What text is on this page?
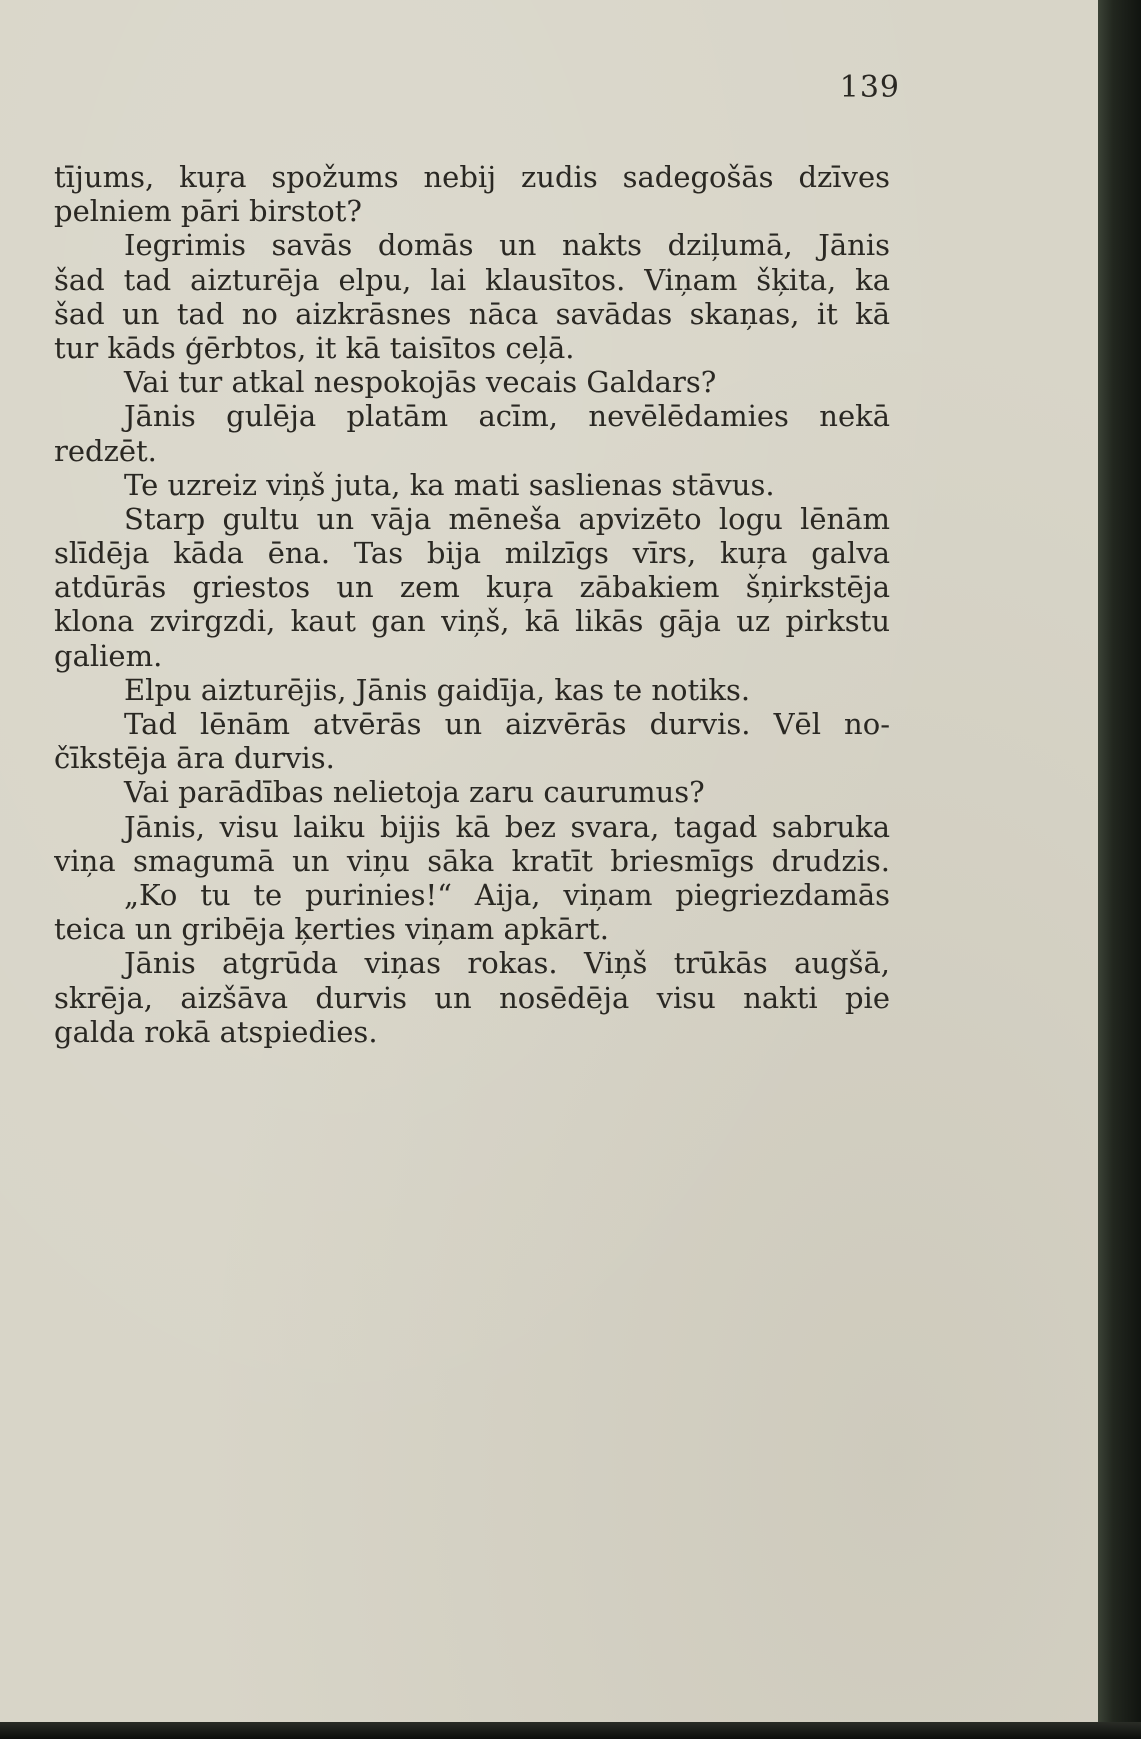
139
tījums, kuŗa spožums nebij zudis sadegošās dzīves
pelniem pāri birstot?
Iegrimis savās domās un nakts dziļumā, Jānis
šad tad aizturēja elpu, lai klausītos. Viņam šķita, ka
šad un tad no aizkrāsnes nāca savādas skaņas, it kā
tur kāds ģērbtos, it kā taisītos ceļā.
Vai tur atkal nespokojās vecais Galdars?
Jānis gulēja platām acīm, nevēlēdamies nekā
redzēt.
Te uzreiz viņš juta, ka mati saslienas stāvus.
Starp gultu un vāja mēneša apvizēto logu lēnām
slīdēja kāda ēna. Tas bija milzīgs vīrs, kuŗa galva
atdūrās griestos un zem kuŗa zābakiem šņirkstēja
klona zvirgzdi, kaut gan viņš, kā likās gāja uz pirkstu
galiem.
Elpu aizturējis, Jānis gaidīja, kas te notiks.
Tad lēnām atvērās un aizvērās durvis. Vēl no-
čīkstēja āra durvis.
Vai parādības nelietoja zaru caurumus?
Jānis, visu laiku bijis kā bez svara, tagad sabruka
viņa smagumā un viņu sāka kratīt briesmīgs drudzis.
„Ko tu te purinies!“ Aija, viņam piegriezdamās
teica un gribēja ķerties viņam apkārt.
Jānis atgrūda viņas rokas. Viņš trūkās augšā,
skrēja, aizšāva durvis un nosēdēja visu nakti pie
galda rokā atspiedies.
